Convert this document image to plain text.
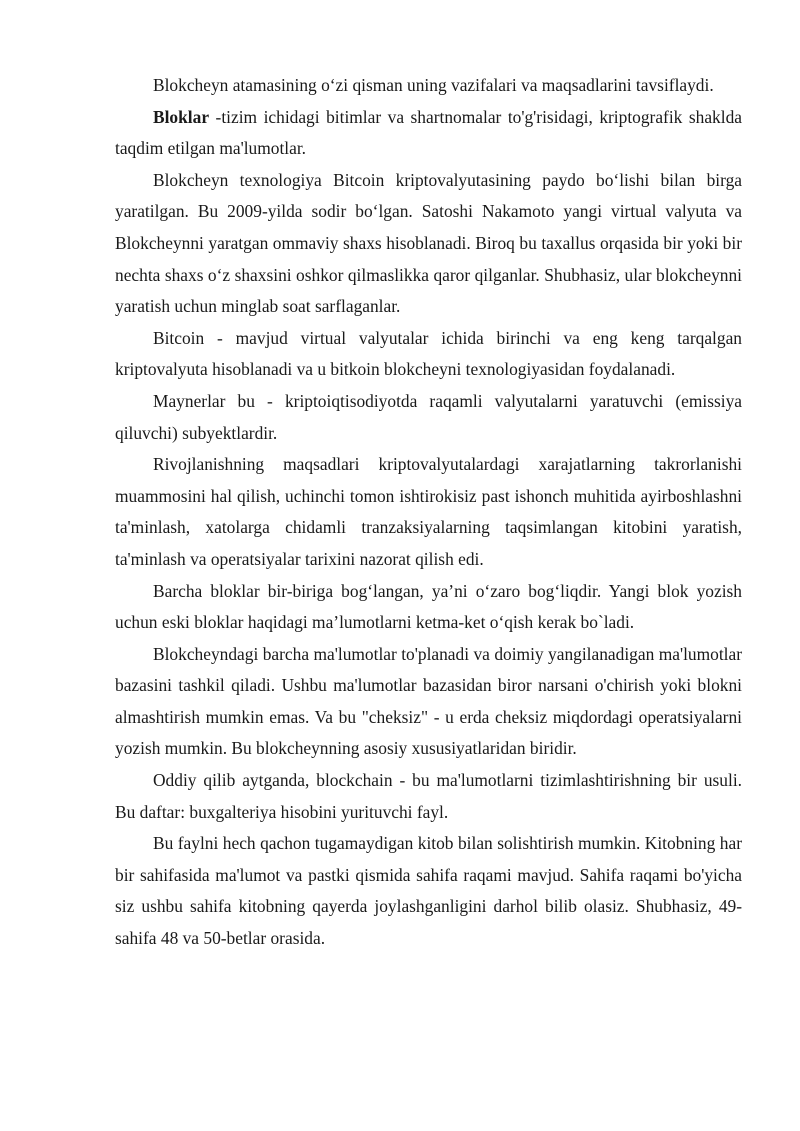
Blokcheyn atamasining o‘zi qisman uning vazifalari va maqsadlarini tavsiflaydi.

Bloklar -tizim ichidagi bitimlar va shartnomalar to'g'risidagi, kriptografik shaklda taqdim etilgan ma'lumotlar.

Blokcheyn texnologiya Bitcoin kriptovalyutasining paydo bo‘lishi bilan birga yaratilgan. Bu 2009-yilda sodir bo‘lgan. Satoshi Nakamoto yangi virtual valyuta va Blokcheynni yaratgan ommaviy shaxs hisoblanadi. Biroq bu taxallus orqasida bir yoki bir nechta shaxs o‘z shaxsini oshkor qilmaslikka qaror qilganlar. Shubhasiz, ular blokcheynni yaratish uchun minglab soat sarflaganlar.

Bitcoin - mavjud virtual valyutalar ichida birinchi va eng keng tarqalgan kriptovalyuta hisoblanadi va u bitkoin blokcheyni texnologiyasidan foydalanadi.

Maynerlar bu - kriptoiqtisodiyotda raqamli valyutalarni yaratuvchi (emissiya qiluvchi) subyektlardir.

Rivojlanishning maqsadlari kriptovalyutalardagi xarajatlarning takrorlanishi muammosini hal qilish, uchinchi tomon ishtirokisiz past ishonch muhitida ayirboshlashni ta'minlash, xatolarga chidamli tranzaksiyalarning taqsimlangan kitobini yaratish, ta'minlash va operatsiyalar tarixini nazorat qilish edi.

Barcha bloklar bir-biriga bog‘langan, ya’ni o‘zaro bog‘liqdir. Yangi blok yozish uchun eski bloklar haqidagi ma’lumotlarni ketma-ket o‘qish kerak bo`ladi.

Blokcheyndagi barcha ma'lumotlar to'planadi va doimiy yangilanadigan ma'lumotlar bazasini tashkil qiladi. Ushbu ma'lumotlar bazasidan biror narsani o'chirish yoki blokni almashtirish mumkin emas. Va bu "cheksiz" - u erda cheksiz miqdordagi operatsiyalarni yozish mumkin. Bu blokcheynning asosiy xususiyatlaridan biridir.

Oddiy qilib aytganda, blockchain - bu ma'lumotlarni tizimlashtirishning bir usuli. Bu daftar: buxgalteriya hisobini yurituvchi fayl.

Bu faylni hech qachon tugamaydigan kitob bilan solishtirish mumkin. Kitobning har bir sahifasida ma'lumot va pastki qismida sahifa raqami mavjud. Sahifa raqami bo'yicha siz ushbu sahifa kitobning qayerda joylashganligini darhol bilib olasiz. Shubhasiz, 49-sahifa 48 va 50-betlar orasida.
